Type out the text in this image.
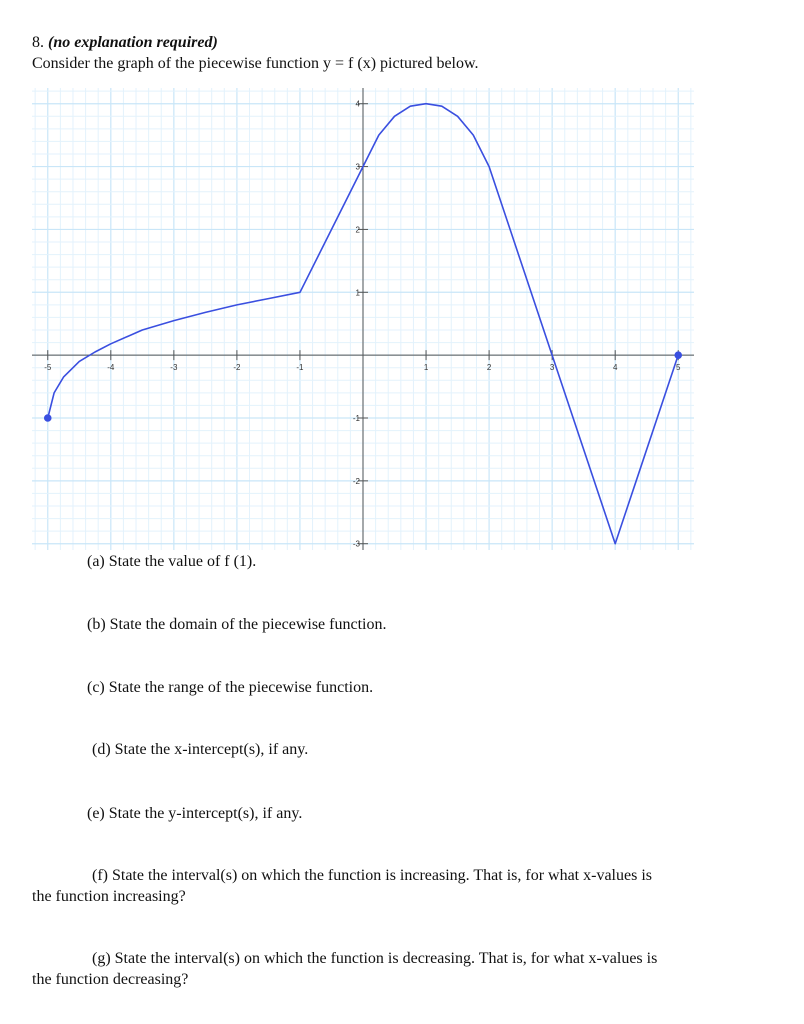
8. (no explanation required)
Consider the graph of the piecewise function y = f (x) pictured below.
-5	-4	-3	-2	-1	1	2	3	4	5
-3
-2
-1
1
2
3
4
(a) State the value of f (1).
(b) State the domain of the piecewise function.
(c) State the range of the piecewise function.
(d) State the x-intercept(s), if any.
(e) State the y-intercept(s), if any.
(f) State the interval(s) on which the function is increasing. That is, for what x-values is
the function increasing?
(g) State the interval(s) on which the function is decreasing. That is, for what x-values is
the function decreasing?
